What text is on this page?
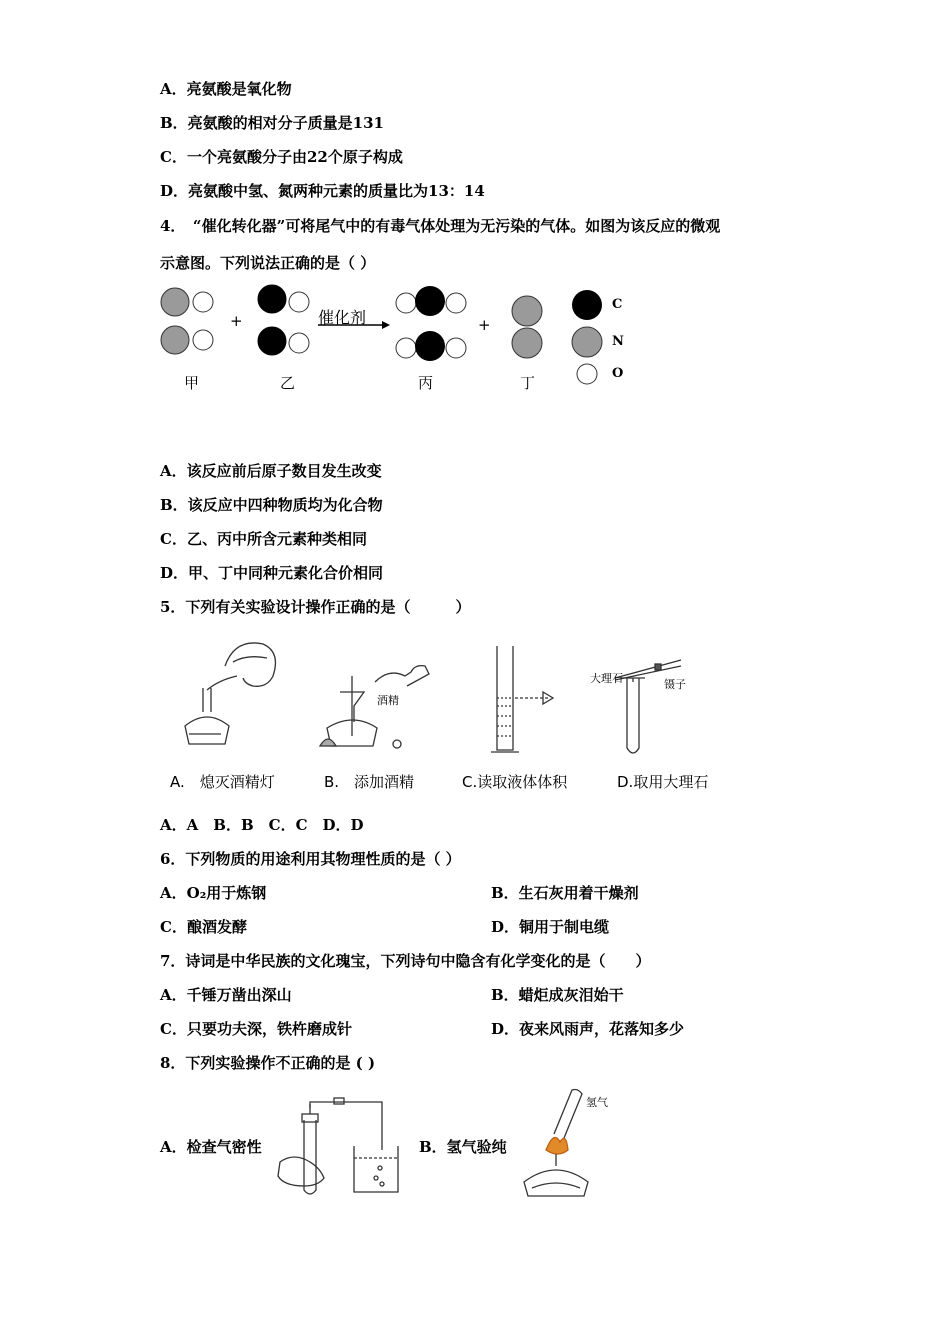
A．亮氨酸是氧化物
B．亮氨酸的相对分子质量是131
C．一个亮氨酸分子由22个原子构成
D．亮氨酸中氢、氮两种元素的质量比为13：14
4．　“催化转化器”可将尾气中的有毒气体处理为无污染的气体。如图为该反应的微观
示意图。下列说法正确的是（ ）
+	+
催化剂
甲	乙	丙	丁
C
N
O
A．该反应前后原子数目发生改变
B．该反应中四种物质均为化合物
C．乙、丙中所含元素种类相同
D．甲、丁中同种元素化合价相同
5．下列有关实验设计操作正确的是（　　　）
酒精
大理石	镊子
A.　熄灭酒精灯	B.　添加酒精	C.读取液体体积	D.取用大理石
A．A　B．B　C．C　D．D
6．下列物质的用途利用其物理性质的是（ ）
A．O₂用于炼钢	B．生石灰用着干燥剂
C．酿酒发酵	D．铜用于制电缆
7．诗词是中华民族的文化瑰宝，下列诗句中隐含有化学变化的是（　　）
A．千锤万凿出深山	B．蜡炬成灰泪始干
C．只要功夫深，铁杵磨成针	D．夜来风雨声，花落知多少
8．下列实验操作不正确的是 ( )
A．检查气密性	B．氢气验纯
氢气
